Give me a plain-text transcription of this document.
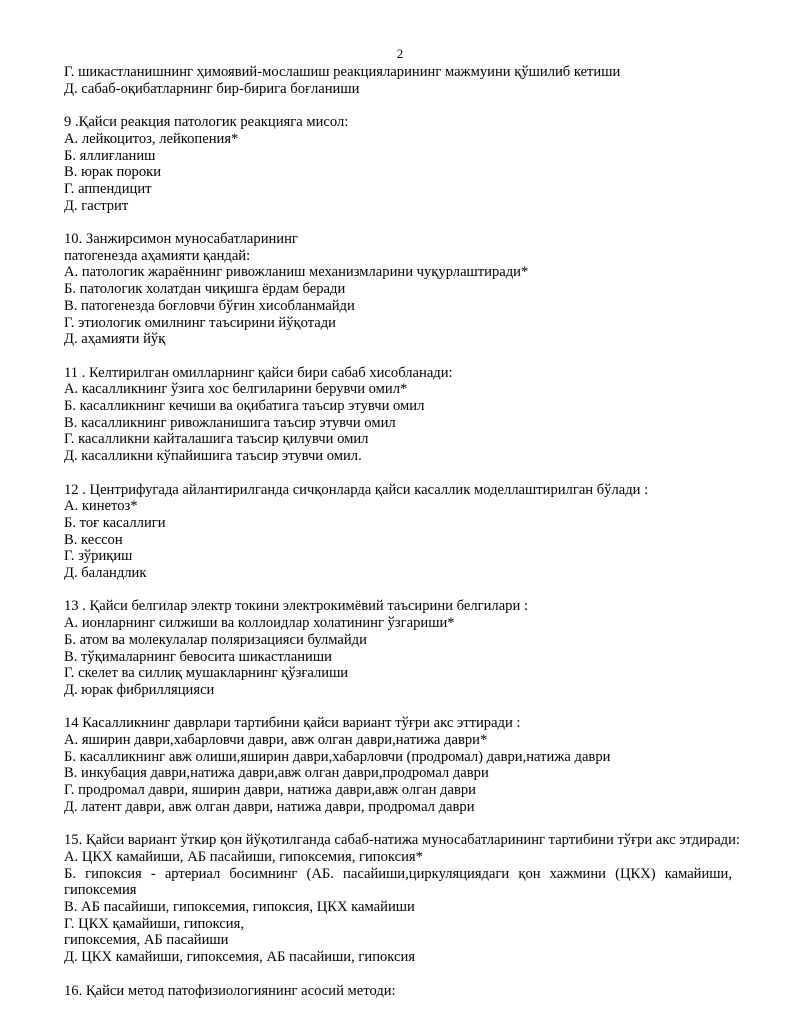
2
Г. шикастланишнинг ҳимоявий-мослашиш реакцияларининг мажмуини қўшилиб кетиши
Д. сабаб-оқибатларнинг бир-бирига боғланиши
9 .Қайси реакция патологик реакцияга мисол:
А. лейкоцитоз, лейкопения*
Б. яллиғланиш
В. юрак пороки
Г. аппендицит
Д. гастрит
10. Занжирсимон муносабатларининг
патогенезда аҳамияти қандай:
А. патологик жараённинг ривожланиш механизмларини чуқурлаштиради*
Б. патологик холатдан чиқишга ёрдам беради
В. патогенезда боғловчи бўғин хисобланмайди
Г. этиологик омилнинг таъсирини йўқотади
Д. аҳамияти йўқ
11 . Келтирилган омилларнинг қайси бири сабаб хисобланади:
А. касалликнинг ўзига хос белгиларини берувчи омил*
Б. касалликнинг кечиши ва оқибатига таъсир этувчи омил
В. касалликнинг ривожланишига таъсир этувчи омил
Г. касалликни кайталашига таъсир қилувчи омил
Д. касалликни кўпайишига таъсир этувчи омил.
12 . Центрифугада айлантирилганда сичқонларда қайси касаллик моделлаштирилган бўлади :
А. кинетоз*
Б. тоғ касаллиги
В. кессон
Г. зўриқиш
Д. баландлик
13 . Қайси белгилар электр токини электрокимёвий таъсирини белгилари :
А. ионларнинг силжиши ва коллоидлар холатининг ўзгариши*
Б. атом ва молекулалар поляризацияси булмайди
В. тўқималарнинг бевосита шикастланиши
Г. скелет ва силлиқ мушакларнинг қўзғалиши
Д. юрак фибрилляцияси
14 Касалликнинг даврлари тартибини қайси вариант тўғри акс эттиради :
А. яширин даври,хабарловчи даври, авж олган даври,натижа даври*
Б. касалликнинг авж олиши,яширин даври,хабарловчи (продромал) даври,натижа даври
В. инкубация даври,натижа даври,авж олган даври,продромал даври
Г. продромал даври, яширин даври, натижа даври,авж олган даври
Д. латент даври, авж олган даври, натижа даври, продромал даври
15. Қайси вариант ўткир қон йўқотилганда сабаб-натижа муносабатларининг тартибини тўғри акс этдиради:
А. ЦКХ камайиши, АБ пасайиши, гипоксемия, гипоксия*
Б. гипоксия - артериал босимнинг (АБ. пасайиши,циркуляциядаги қон хажмини (ЦКХ) камайиши,
гипоксемия
В. АБ пасайиши, гипоксемия, гипоксия, ЦКХ камайиши
Г. ЦКХ қамайиши, гипоксия,
гипоксемия, АБ пасайиши
Д. ЦКХ камайиши, гипоксемия, АБ пасайиши, гипоксия
16. Қайси метод патофизиологиянинг асосий методи:
